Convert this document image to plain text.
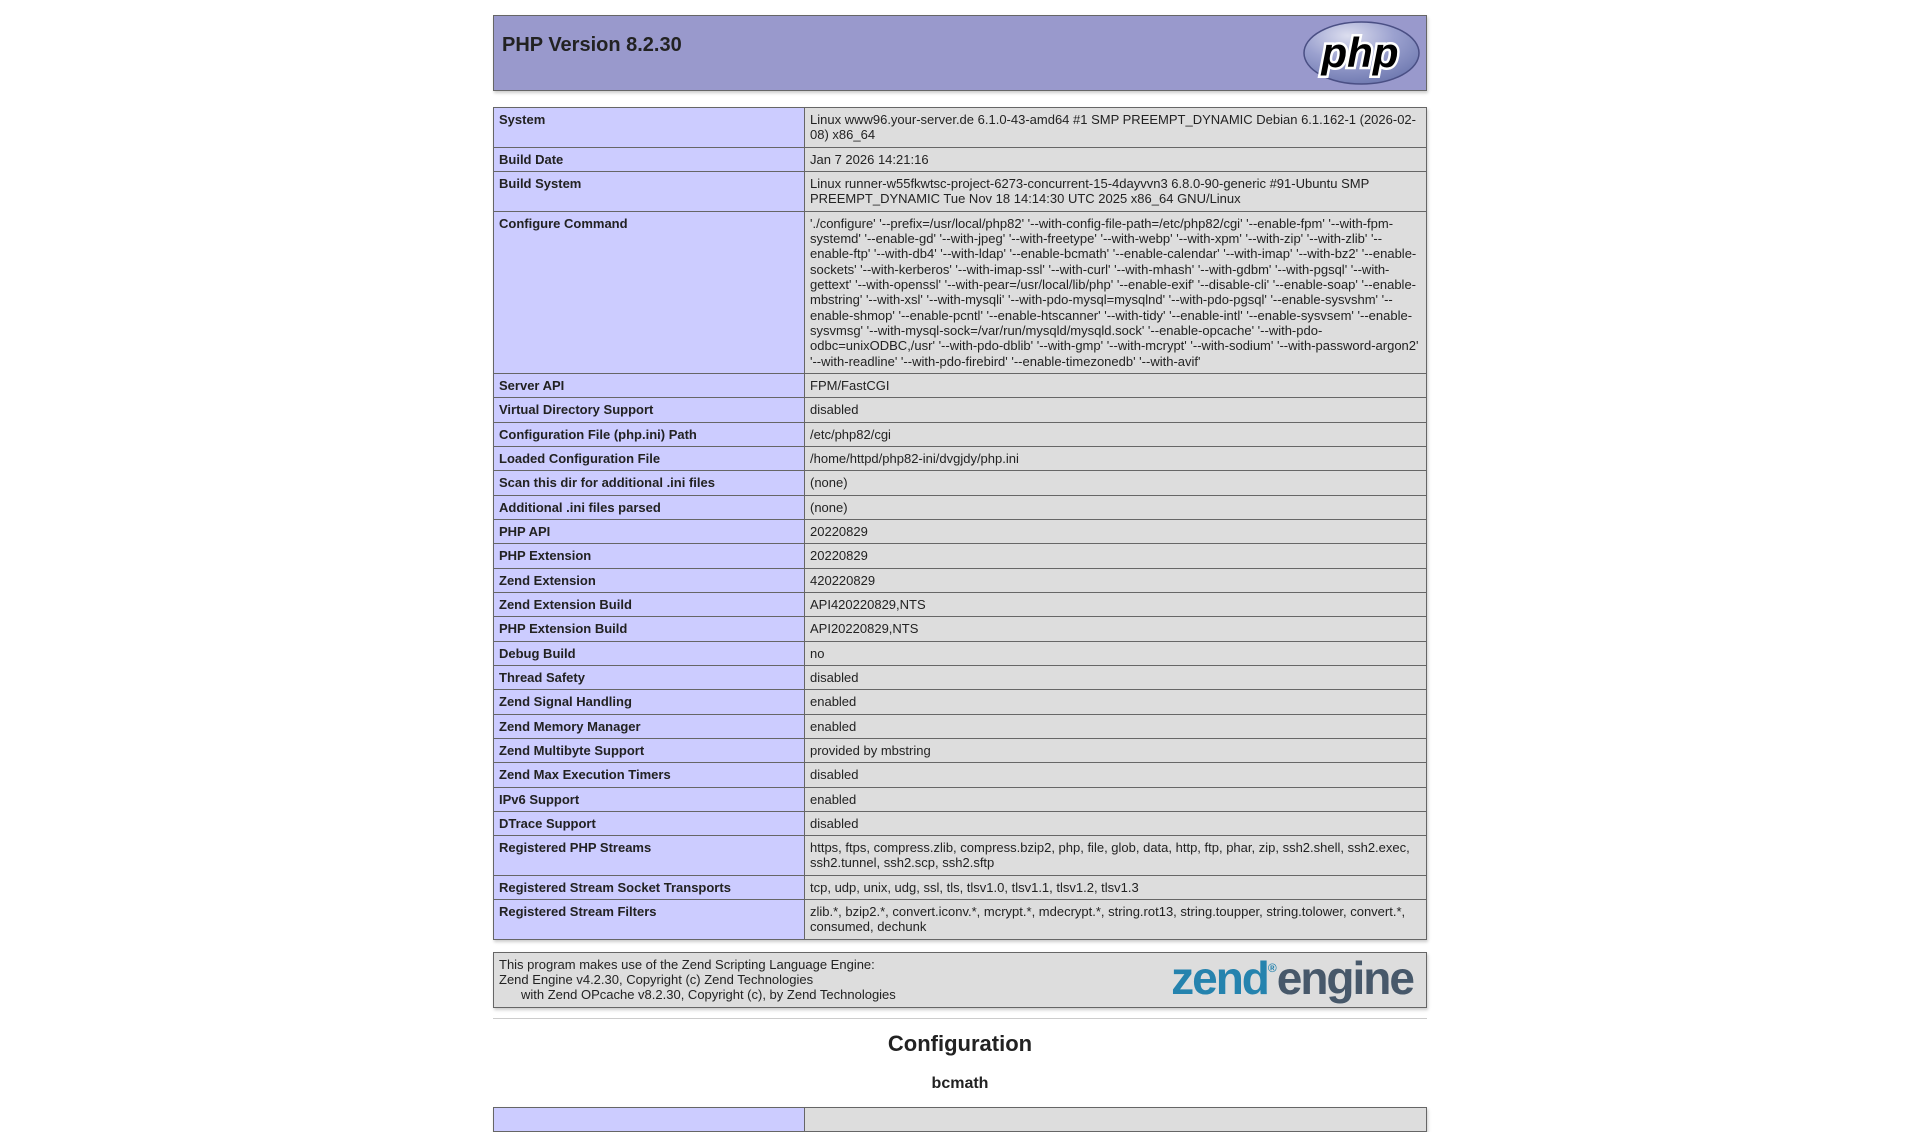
php
PHP Version 8.2.30
System	Linux www96.your-server.de 6.1.0-43-amd64 #1 SMP PREEMPT_DYNAMIC Debian 6.1.162-1 (2026-02-08) x86_64
Build Date	Jan 7 2026 14:21:16
Build System	Linux runner-w55fkwtsc-project-6273-concurrent-15-4dayvvn3 6.8.0-90-generic #91-Ubuntu SMP PREEMPT_DYNAMIC Tue Nov 18 14:14:30 UTC 2025 x86_64 GNU/Linux
Configure Command	'./configure' '--prefix=/usr/local/php82' '--with-config-file-path=/etc/php82/cgi' '--enable-fpm' '--with-fpm-systemd' '--enable-gd' '--with-jpeg' '--with-freetype' '--with-webp' '--with-xpm' '--with-zip' '--with-zlib' '--enable-ftp' '--with-db4' '--with-ldap' '--enable-bcmath' '--enable-calendar' '--with-imap' '--with-bz2' '--enable-sockets' '--with-kerberos' '--with-imap-ssl' '--with-curl' '--with-mhash' '--with-gdbm' '--with-pgsql' '--with-gettext' '--with-openssl' '--with-pear=/usr/local/lib/php' '--enable-exif' '--disable-cli' '--enable-soap' '--enable-mbstring' '--with-xsl' '--with-mysqli' '--with-pdo-mysql=mysqlnd' '--with-pdo-pgsql' '--enable-sysvshm' '--enable-shmop' '--enable-pcntl' '--enable-htscanner' '--with-tidy' '--enable-intl' '--enable-sysvsem' '--enable-sysvmsg' '--with-mysql-sock=/var/run/mysqld/mysqld.sock' '--enable-opcache' '--with-pdo-odbc=unixODBC,/usr' '--with-pdo-dblib' '--with-gmp' '--with-mcrypt' '--with-sodium' '--with-password-argon2' '--with-readline' '--with-pdo-firebird' '--enable-timezonedb' '--with-avif'
Server API	FPM/FastCGI
Virtual Directory Support	disabled
Configuration File (php.ini) Path	/etc/php82/cgi
Loaded Configuration File	/home/httpd/php82-ini/dvgjdy/php.ini
Scan this dir for additional .ini files	(none)
Additional .ini files parsed	(none)
PHP API	20220829
PHP Extension	20220829
Zend Extension	420220829
Zend Extension Build	API420220829,NTS
PHP Extension Build	API20220829,NTS
Debug Build	no
Thread Safety	disabled
Zend Signal Handling	enabled
Zend Memory Manager	enabled
Zend Multibyte Support	provided by mbstring
Zend Max Execution Timers	disabled
IPv6 Support	enabled
DTrace Support	disabled
Registered PHP Streams	https, ftps, compress.zlib, compress.bzip2, php, file, glob, data, http, ftp, phar, zip, ssh2.shell, ssh2.exec, ssh2.tunnel, ssh2.scp, ssh2.sftp
Registered Stream Socket Transports	tcp, udp, unix, udg, ssl, tls, tlsv1.0, tlsv1.1, tlsv1.2, tlsv1.3
Registered Stream Filters	zlib.*, bzip2.*, convert.iconv.*, mcrypt.*, mdecrypt.*, string.rot13, string.toupper, string.tolower, convert.*, consumed, dechunk
zend®engine
This program makes use of the Zend Scripting Language Engine:
Zend Engine v4.2.30, Copyright (c) Zend Technologies
with Zend OPcache v8.2.30, Copyright (c), by Zend Technologies
Configuration
bcmath
